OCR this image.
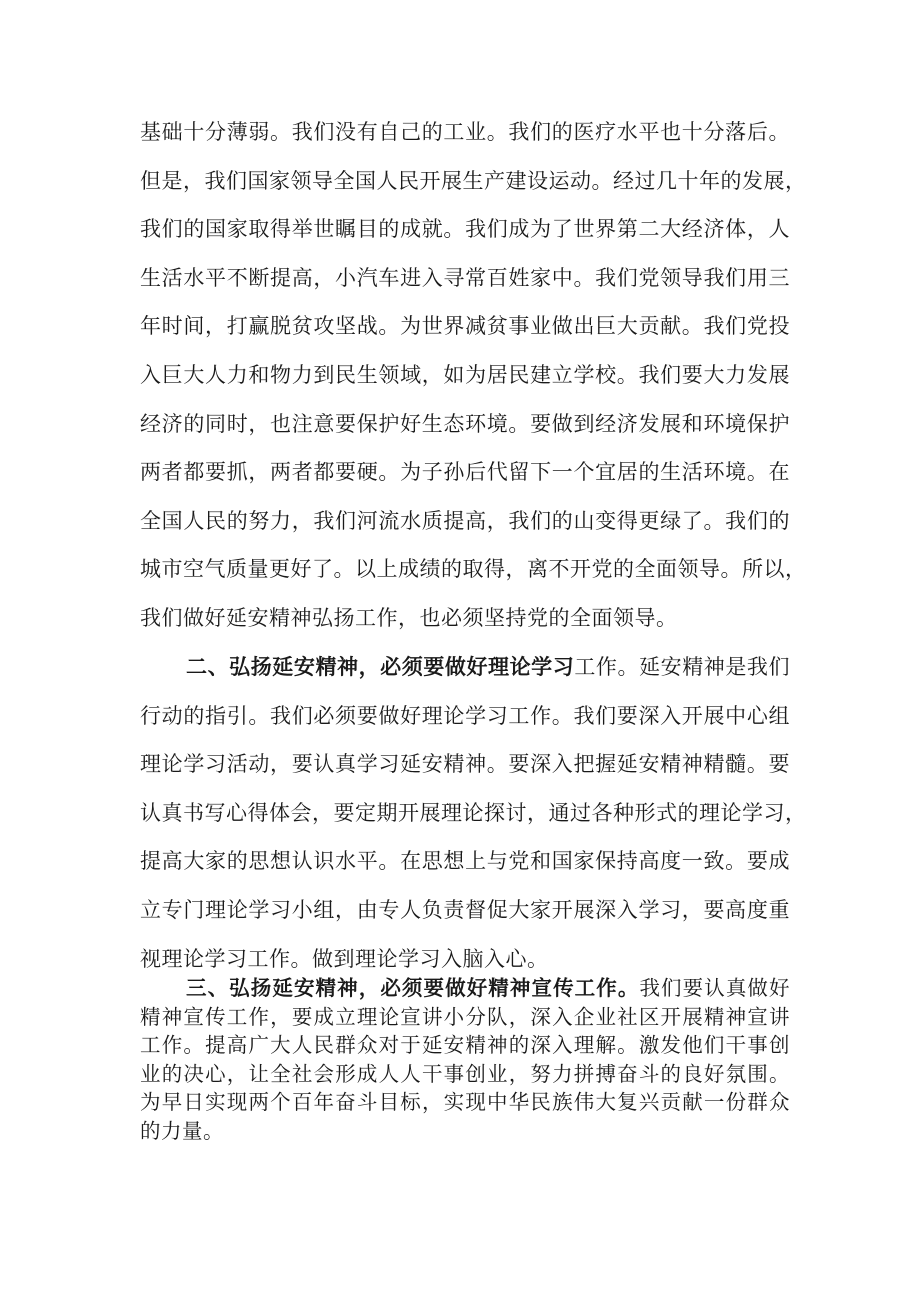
基础十分薄弱。我们没有自己的工业。我们的医疗水平也十分落后。
但是，我们国家领导全国人民开展生产建设运动。经过几十年的发展，
我们的国家取得举世瞩目的成就。我们成为了世界第二大经济体，人
生活水平不断提高，小汽车进入寻常百姓家中。我们党领导我们用三
年时间，打赢脱贫攻坚战。为世界减贫事业做出巨大贡献。我们党投
入巨大人力和物力到民生领域，如为居民建立学校。我们要大力发展
经济的同时，也注意要保护好生态环境。要做到经济发展和环境保护
两者都要抓，两者都要硬。为子孙后代留下一个宜居的生活环境。在
全国人民的努力，我们河流水质提高，我们的山变得更绿了。我们的
城市空气质量更好了。以上成绩的取得，离不开党的全面领导。所以，
我们做好延安精神弘扬工作，也必须坚持党的全面领导。
二、弘扬延安精神，必须要做好理论学习工作。延安精神是我们
行动的指引。我们必须要做好理论学习工作。我们要深入开展中心组
理论学习活动，要认真学习延安精神。要深入把握延安精神精髓。要
认真书写心得体会，要定期开展理论探讨，通过各种形式的理论学习，
提高大家的思想认识水平。在思想上与党和国家保持高度一致。要成
立专门理论学习小组，由专人负责督促大家开展深入学习，要高度重
视理论学习工作。做到理论学习入脑入心。
三、弘扬延安精神，必须要做好精神宣传工作。我们要认真做好
精神宣传工作，要成立理论宣讲小分队，深入企业社区开展精神宣讲
工作。提高广大人民群众对于延安精神的深入理解。激发他们干事创
业的决心，让全社会形成人人干事创业，努力拼搏奋斗的良好氛围。
为早日实现两个百年奋斗目标，实现中华民族伟大复兴贡献一份群众
的力量。
